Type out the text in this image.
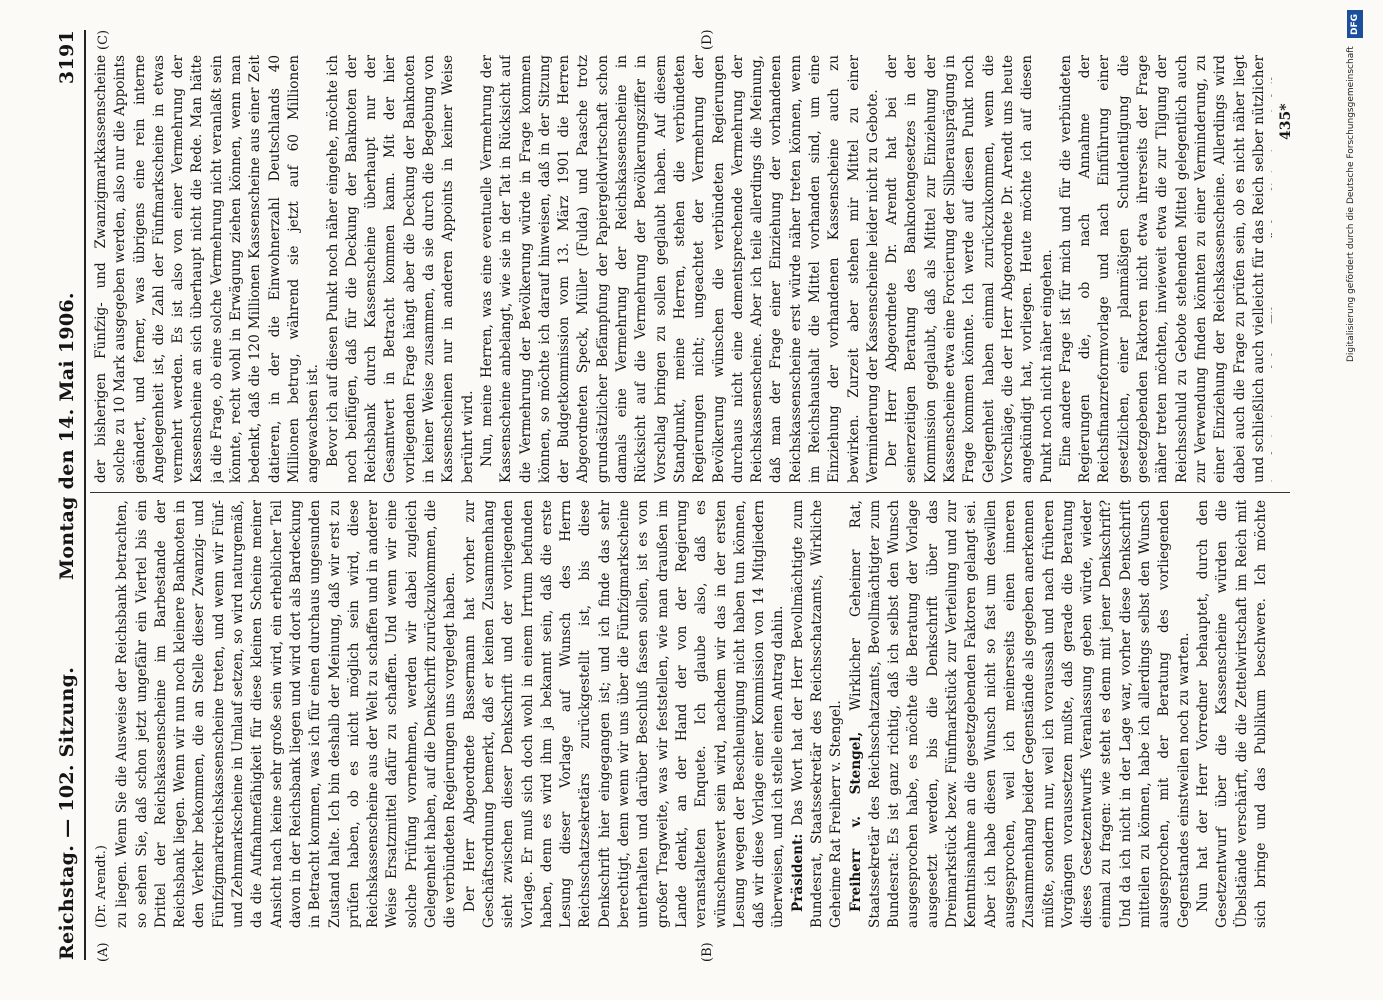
Reichstag. — 102. Sitzung.
Montag den 14. Mai 1906.
3191
(A)	(B)
(C)	(D)

(Dr. Arendt.) zu liegen. Wenn Sie die Ausweise der Reichsbank betrachten, so sehen Sie, daß schon jetzt ungefähr ein Viertel bis ein Drittel der Reichskassenscheine im Barbestande der Reichsbank liegen. Wenn wir nun noch kleinere Banknoten in den Verkehr bekommen, die an Stelle dieser Zwanzig- und Fünfzigmarkreichskassenscheine treten, und wenn wir Fünf- und Zehnmarkscheine in Umlauf setzen, so wird naturgemäß, da die Aufnahmefähigkeit für diese kleinen Scheine meiner Ansicht nach keine sehr große sein wird, ein erheblicher Teil davon in der Reichsbank liegen und wird dort als Bardeckung in Betracht kommen, was ich für einen durchaus ungesunden Zustand halte. Ich bin deshalb der Meinung, daß wir erst zu prüfen haben, ob es nicht möglich sein wird, diese Reichskassenscheine aus der Welt zu schaffen und in anderer Weise Ersatzmittel dafür zu schaffen. Und wenn wir eine solche Prüfung vornehmen, werden wir dabei zugleich Gelegenheit haben, auf die Denkschrift zurückzukommen, die die verbündeten Regierungen uns vorgelegt haben. Der Herr Abgeordnete Bassermann hat vorher zur Geschäftsordnung bemerkt, daß er keinen Zusammenhang sieht zwischen dieser Denkschrift und der vorliegenden Vorlage. Er muß sich doch wohl in einem Irrtum befunden haben, denn es wird ihm ja bekannt sein, daß die erste Lesung dieser Vorlage auf Wunsch des Herrn Reichsschatzsekretärs zurückgestellt ist, bis diese Denkschrift hier eingegangen ist; und ich finde das sehr berechtigt, denn wenn wir uns über die Fünfzigmarkscheine unterhalten und darüber Beschluß fassen sollen, ist es von großer Tragweite, was wir feststellen, wie man draußen im Lande denkt, an der Hand der von der Regierung veranstalteten Enquete. Ich glaube also, daß es wünschenswert sein wird, nachdem wir das in der ersten Lesung wegen der Beschleunigung nicht haben tun können, daß wir diese Vorlage einer Kommission von 14 Mitgliedern überweisen, und ich stelle einen Antrag dahin. Präsident: Das Wort hat der Herr Bevollmächtigte zum Bundesrat, Staatssekretär des Reichsschatzamts, Wirkliche Geheime Rat Freiherr v. Stengel. Freiherr v. Stengel, Wirklicher Geheimer Rat, Staatssekretär des Reichsschatzamts, Bevollmächtigter zum Bundesrat: Es ist ganz richtig, daß ich selbst den Wunsch ausgesprochen habe, es möchte die Beratung der Vorlage ausgesetzt werden, bis die Denkschrift über das Dreimarkstück bezw. Fünfmarkstück zur Verteilung und zur Kenntnisnahme an die gesetzgebenden Faktoren gelangt sei. Aber ich habe diesen Wunsch nicht so fast um deswillen ausgesprochen, weil ich meinerseits einen inneren Zusammenhang beider Gegenstände als gegeben anerkennen müßte, sondern nur, weil ich voraussah und nach früheren Vorgängen voraussetzen mußte, daß gerade die Beratung dieses Gesetzentwurfs Veranlassung geben würde, wieder einmal zu fragen: wie steht es denn mit jener Denkschrift? Und da ich nicht in der Lage war, vorher diese Denkschrift mitteilen zu können, habe ich allerdings selbst den Wunsch ausgesprochen, mit der Beratung des vorliegenden Gegenstandes einstweilen noch zu warten. Nun hat der Herr Vorredner behauptet, durch den Gesetzentwurf über die Kassenscheine würden die Übelstände verschärft, die die Zettelwirtschaft im Reich mit sich bringe und das Publikum beschwere. Ich möchte

der bisherigen Fünfzig- und Zwanzigmarkkassenscheine solche zu 10 Mark ausgegeben werden, also nur die Appoints geändert, und ferner, was übrigens eine rein interne Angelegenheit ist, die Zahl der Fünfmarkscheine in etwas vermehrt werden. Es ist also von einer Vermehrung der Kassenscheine an sich überhaupt nicht die Rede. Man hätte ja die Frage, ob eine solche Vermehrung nicht veranlaßt sein könnte, recht wohl in Erwägung ziehen können, wenn man bedenkt, daß die 120 Millionen Kassenscheine aus einer Zeit datieren, in der die Einwohnerzahl Deutschlands 40 Millionen betrug, während sie jetzt auf 60 Millionen angewachsen ist. Bevor ich auf diesen Punkt noch näher eingehe, möchte ich noch beifügen, daß für die Deckung der Banknoten der Reichsbank durch Kassenscheine überhaupt nur der Gesamtwert in Betracht kommen kann. Mit der hier vorliegenden Frage hängt aber die Deckung der Banknoten in keiner Weise zusammen, da sie durch die Begebung von Kassenscheinen nur in anderen Appoints in keiner Weise berührt wird. Nun, meine Herren, was eine eventuelle Vermehrung der Kassenscheine anbelangt, wie sie in der Tat in Rücksicht auf die Vermehrung der Bevölkerung würde in Frage kommen können, so möchte ich darauf hinweisen, daß in der Sitzung der Budgetkommission vom 13. März 1901 die Herren Abgeordneten Speck, Müller (Fulda) und Paasche trotz grundsätzlicher Befämpfung der Papiergeldwirtschaft schon damals eine Vermehrung der Reichskassenscheine in Rücksicht auf die Vermehrung der Bevölkerungsziffer in Vorschlag bringen zu sollen geglaubt haben. Auf diesem Standpunkt, meine Herren, stehen die verbündeten Regierungen nicht; ungeachtet der Vermehrung der Bevölkerung wünschen die verbündeten Regierungen durchaus nicht eine dementsprechende Vermehrung der Reichskassenscheine. Aber ich teile allerdings die Meinung, daß man der Frage einer Einziehung der vorhandenen Reichskassenscheine erst würde näher treten können, wenn im Reichshaushalt die Mittel vorhanden sind, um eine Einziehung der vorhandenen Kassenscheine auch zu bewirken. Zurzeit aber stehen mir Mittel zu einer Verminderung der Kassenscheine leider nicht zu Gebote. Der Herr Abgeordnete Dr. Arendt hat bei der seinerzeitigen Beratung des Banknotengesetzes in der Kommission geglaubt, daß als Mittel zur Einziehung der Kassenscheine etwa eine Forcierung der Silberausprägung in Frage kommen könnte. Ich werde auf diesen Punkt noch Gelegenheit haben einmal zurückzukommen, wenn die Vorschläge, die der Herr Abgeordnete Dr. Arendt uns heute angekündigt hat, vorliegen. Heute möchte ich auf diesen Punkt noch nicht näher eingehen. Eine andere Frage ist für mich und für die verbündeten Regierungen die, ob nach Annahme der Reichsfinanzreformvorlage und nach Einführung einer gesetzlichen, einer planmäßigen Schuldentilgung die gesetzgebenden Faktoren nicht etwa ihrerseits der Frage näher treten möchten, inwieweit etwa die zur Tilgung der Reichsschuld zu Gebote stehenden Mittel gelegentlich auch zur Verwendung finden könnten zu einer Verminderung, zu einer Einziehung der Reichskassenscheine. Allerdings wird dabei auch die Frage zu prüfen sein, ob es nicht näher liegt und schließlich auch vielleicht für das Reich selber nützlicher 435*
DFG
Digitalisierung gefördert durch die Deutsche Forschungsgemeinschaft
